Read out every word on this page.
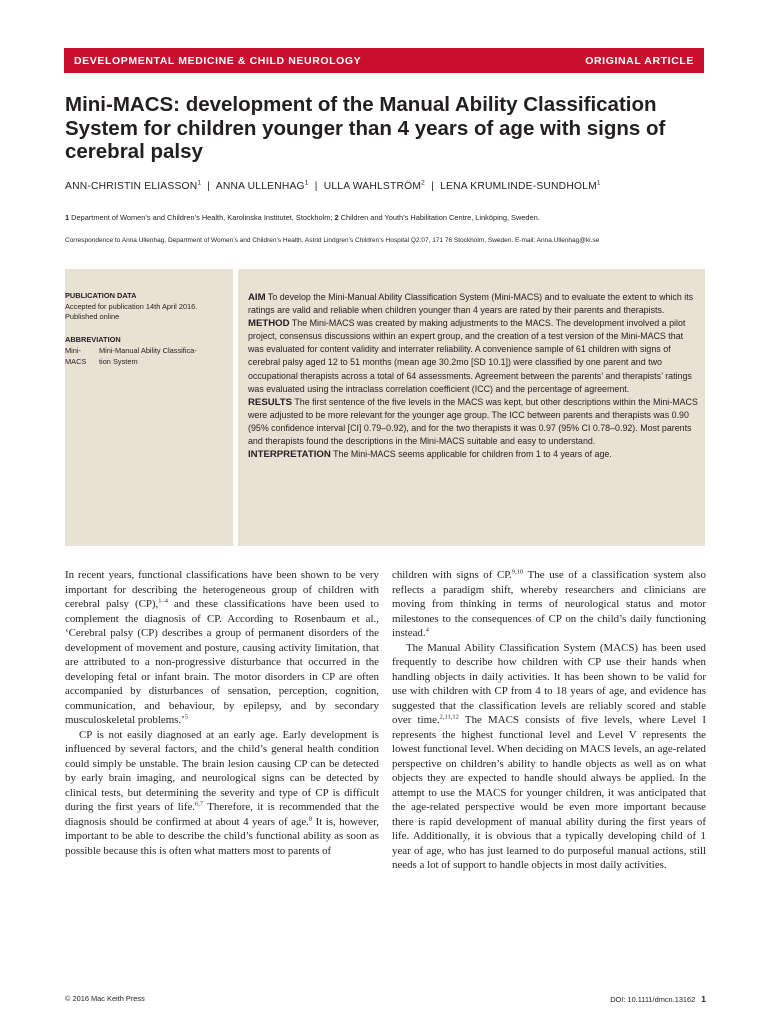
DEVELOPMENTAL MEDICINE & CHILD NEUROLOGY	ORIGINAL ARTICLE
Mini-MACS: development of the Manual Ability Classification System for children younger than 4 years of age with signs of cerebral palsy
ANN-CHRISTIN ELIASSON$^1$  |  ANNA ULLENHAG$^1$  |  ULLA WAHLSTRÖM$^2$  |  LENA KRUMLINDE-SUNDHOLM$^1$
1 Department of Women’s and Children’s Health, Karolinska Institutet, Stockholm; 2 Children and Youth’s Habilitation Centre, Linköping, Sweden.
Correspondence to Anna Ullenhag, Department of Women’s and Children’s Health, Astrid Lindgren’s Children’s Hospital Q2:07, 171 76 Stockholm, Sweden. E-mail: Anna.Ullenhag@ki.se
PUBLICATION DATA
Accepted for publication 14th April 2016.
Published online
ABBREVIATION
Mini-
MACS
Mini-Manual Ability Classifica-
tion System
AIM To develop the Mini-Manual Ability Classification System (Mini-MACS) and to evaluate the extent to which its ratings are valid and reliable when children younger than 4 years are rated by their parents and therapists.
METHOD The Mini-MACS was created by making adjustments to the MACS. The development involved a pilot project, consensus discussions within an expert group, and the creation of a test version of the Mini-MACS that was evaluated for content validity and interrater reliability. A convenience sample of 61 children with signs of cerebral palsy aged 12 to 51 months (mean age 30.2mo [SD 10.1]) were classified by one parent and two occupational therapists across a total of 64 assessments. Agreement between the parents’ and therapists’ ratings was evaluated using the intraclass correlation coefficient (ICC) and the percentage of agreement.
RESULTS The first sentence of the five levels in the MACS was kept, but other descriptions within the Mini-MACS were adjusted to be more relevant for the younger age group. The ICC between parents and therapists was 0.90 (95% confidence interval [CI] 0.79–0.92), and for the two therapists it was 0.97 (95% CI 0.78–0.92). Most parents and therapists found the descriptions in the Mini-MACS suitable and easy to understand.
INTERPRETATION The Mini-MACS seems applicable for children from 1 to 4 years of age.

In recent years, functional classifications have been shown to be very important for describing the heterogeneous group of children with cerebral palsy (CP),$^{1-4}$ and these classifications have been used to complement the diagnosis of CP. According to Rosenbaum et al., ‘Cerebral palsy (CP) describes a group of permanent disorders of the development of movement and posture, causing activity limitation, that are attributed to a non-progressive disturbance that occurred in the developing fetal or infant brain. The motor disorders in CP are often accompanied by disturbances of sensation, perception, cognition, communication, and behaviour, by epilepsy, and by secondary musculoskeletal problems.’$^5$

CP is not easily diagnosed at an early age. Early development is influenced by several factors, and the child’s general health condition could simply be unstable. The brain lesion causing CP can be detected by early brain imaging, and neurological signs can be detected by clinical tests, but determining the severity and type of CP is difficult during the first years of life.$^{6,7}$ Therefore, it is recommended that the diagnosis should be confirmed at about 4 years of age.$^8$ It is, however, important to be able to describe the child’s functional ability as soon as possible because this is often what matters most to parents of

children with signs of CP.$^{9,10}$ The use of a classification system also reflects a paradigm shift, whereby researchers and clinicians are moving from thinking in terms of neurological status and motor milestones to the consequences of CP on the child’s daily functioning instead.$^4$

The Manual Ability Classification System (MACS) has been used frequently to describe how children with CP use their hands when handling objects in daily activities. It has been shown to be valid for use with children with CP from 4 to 18 years of age, and evidence has suggested that the classification levels are reliably scored and stable over time.$^{2,11,12}$ The MACS consists of five levels, where Level I represents the highest functional level and Level V represents the lowest functional level. When deciding on MACS levels, an age-related perspective on children’s ability to handle objects as well as on what objects they are expected to handle should always be applied. In the attempt to use the MACS for younger children, it was anticipated that the age-related perspective would be even more important because there is rapid development of manual ability during the first years of life. Additionally, it is obvious that a typically developing child of 1 year of age, who has just learned to do purposeful manual actions, still needs a lot of support to handle objects in most daily activities.

© 2016 Mac Keith Press	DOI: 10.1111/dmcn.13162 1
